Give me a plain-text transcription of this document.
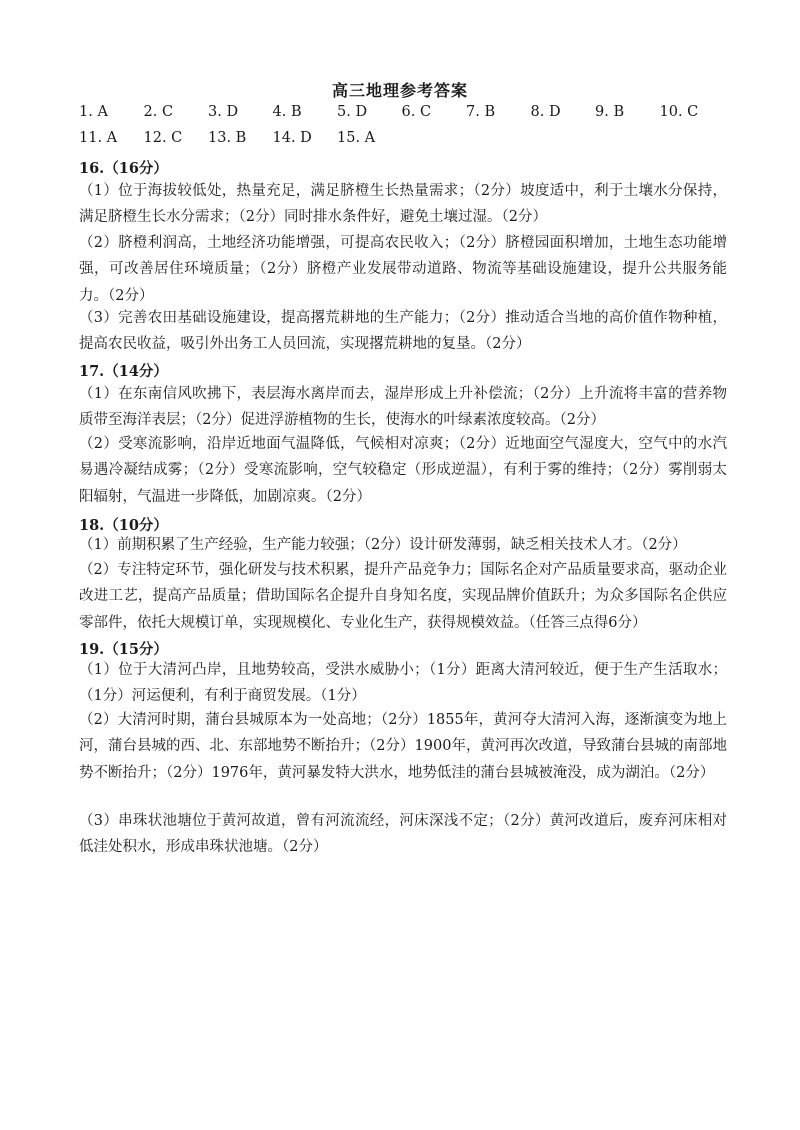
高三地理参考答案
1. A	2. C	3. D	4. B	5. D	6. C	7. B	8. D	9. B	10. C
11. A	12. C	13. B	14. D	15. A
16.（16分）
（1）位于海拔较低处，热量充足，满足脐橙生长热量需求；（2分）坡度适中，利于土壤水分保持，满足脐橙生长水分需求；（2分）同时排水条件好，避免土壤过湿。（2分）
（2）脐橙利润高，土地经济功能增强，可提高农民收入；（2分）脐橙园面积增加，土地生态功能增强，可改善居住环境质量；（2分）脐橙产业发展带动道路、物流等基础设施建设，提升公共服务能力。（2分）
（3）完善农田基础设施建设，提高撂荒耕地的生产能力；（2分）推动适合当地的高价值作物种植，提高农民收益，吸引外出务工人员回流，实现撂荒耕地的复垦。（2分）
17.（14分）
（1）在东南信风吹拂下，表层海水离岸而去，湿岸形成上升补偿流；（2分）上升流将丰富的营养物质带至海洋表层；（2分）促进浮游植物的生长，使海水的叶绿素浓度较高。（2分）
（2）受寒流影响，沿岸近地面气温降低，气候相对凉爽；（2分）近地面空气湿度大，空气中的水汽易遇冷凝结成雾；（2分）受寒流影响，空气较稳定（形成逆温），有利于雾的维持；（2分）雾削弱太阳辐射，气温进一步降低，加剧凉爽。（2分）
18.（10分）
（1）前期积累了生产经验，生产能力较强；（2分）设计研发薄弱，缺乏相关技术人才。（2分）
（2）专注特定环节，强化研发与技术积累，提升产品竞争力；国际名企对产品质量要求高，驱动企业改进工艺，提高产品质量；借助国际名企提升自身知名度，实现品牌价值跃升；为众多国际名企供应零部件，依托大规模订单，实现规模化、专业化生产，获得规模效益。（任答三点得6分）
19.（15分）
（1）位于大清河凸岸，且地势较高，受洪水威胁小；（1分）距离大清河较近，便于生产生活取水；（1分）河运便利，有利于商贸发展。（1分）
（2）大清河时期，蒲台县城原本为一处高地；（2分）1855年，黄河夺大清河入海，逐渐演变为地上河，蒲台县城的西、北、东部地势不断抬升；（2分）1900年，黄河再次改道，导致蒲台县城的南部地势不断抬升；（2分）1976年，黄河暴发特大洪水，地势低洼的蒲台县城被淹没，成为湖泊。（2分）
（3）串珠状池塘位于黄河故道，曾有河流流经，河床深浅不定；（2分）黄河改道后，废弃河床相对低洼处积水，形成串珠状池塘。（2分）
